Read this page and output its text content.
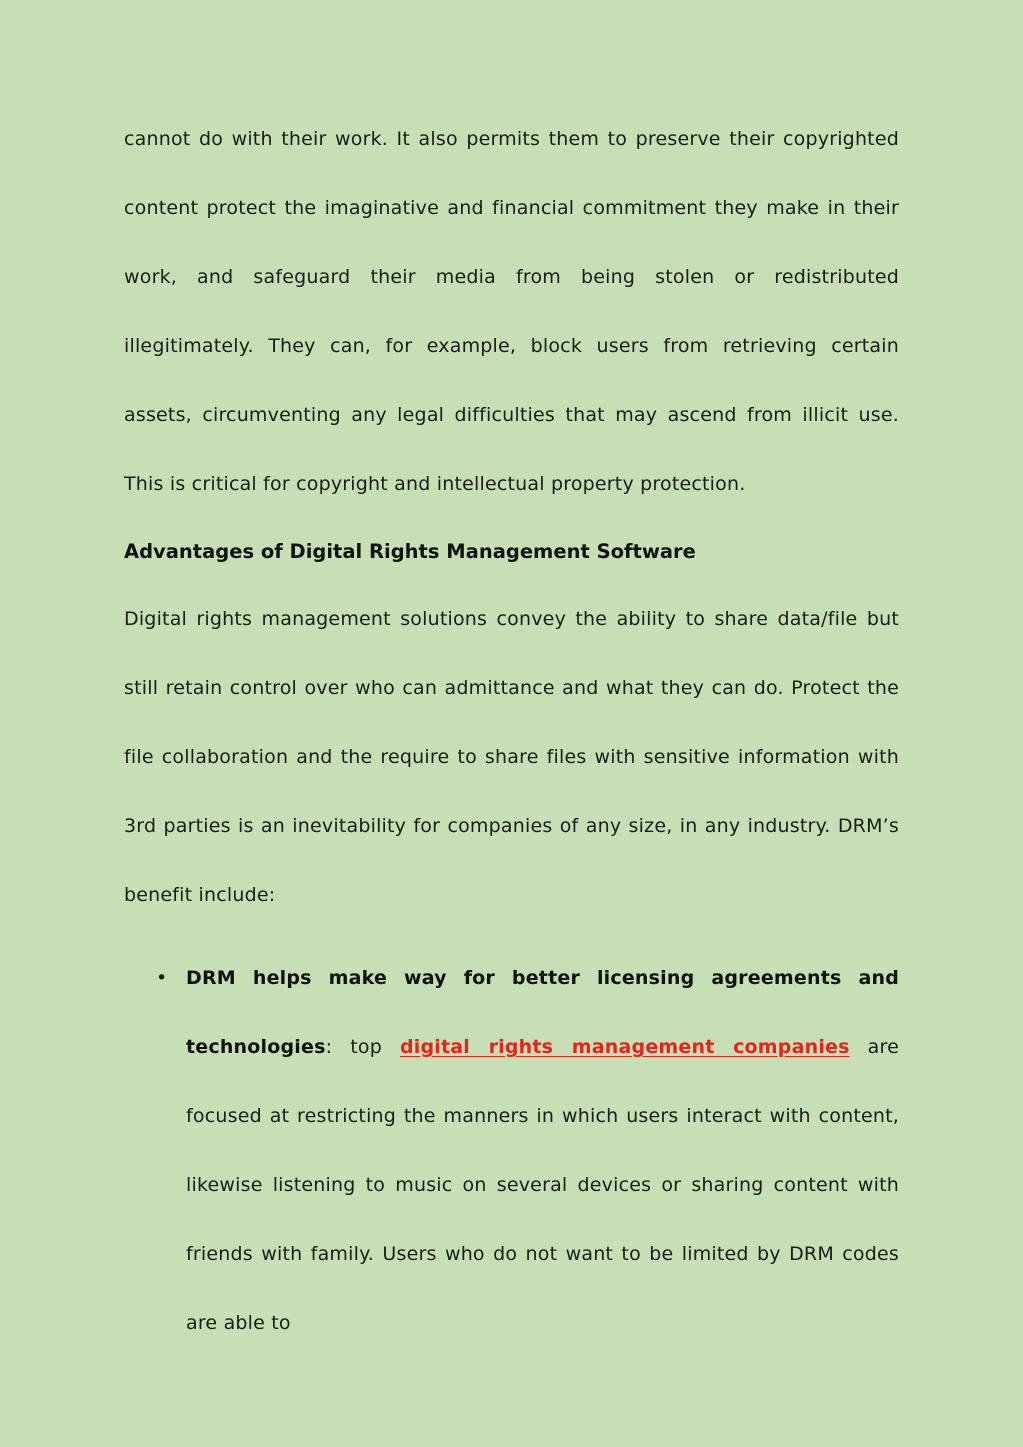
cannot do with their work. It also permits them to preserve their copyrighted content protect the imaginative and financial commitment they make in their work, and safeguard their media from being stolen or redistributed illegitimately. They can, for example, block users from retrieving certain assets, circumventing any legal difficulties that may ascend from illicit use. This is critical for copyright and intellectual property protection.

Advantages of Digital Rights Management Software

Digital rights management solutions convey the ability to share data/file but still retain control over who can admittance and what they can do. Protect the file collaboration and the require to share files with sensitive information with 3rd parties is an inevitability for companies of any size, in any industry. DRM’s benefit include:

• DRM helps make way for better licensing agreements and technologies: top digital rights management companies are focused at restricting the manners in which users interact with content, likewise listening to music on several devices or sharing content with friends with family. Users who do not want to be limited by DRM codes are able to
